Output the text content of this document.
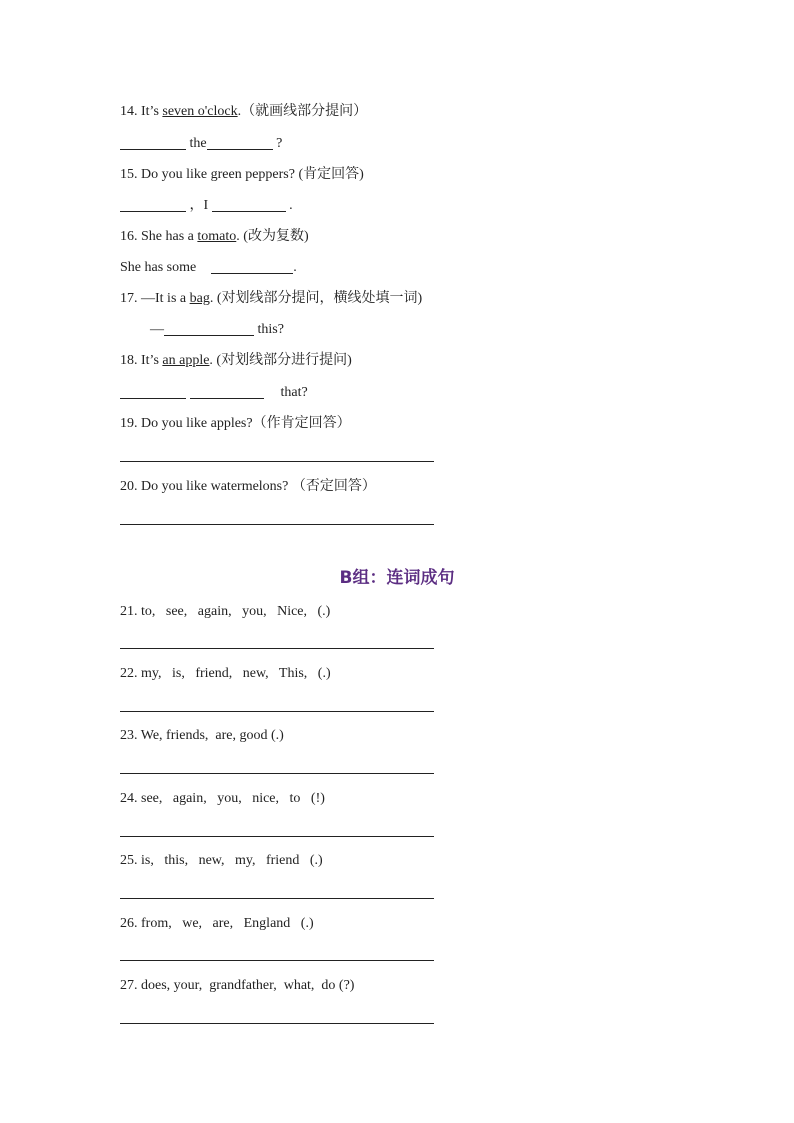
14. It’s seven o'clock.（就画线部分提问）
the	?
15. Do you like green peppers? (肯定回答)
，I	.
16. She has a tomato. (改为复数)
She has some	.
17. —It is a bag. (对划线部分提问，横线处填一词)
—	this?
18. It’s an apple. (对划线部分进行提问)
that?
19. Do you like apples?（作肯定回答）
20. Do you like watermelons? （否定回答）
B组：连词成句
21. to,   see,   again,   you,   Nice,   (.)
22. my,   is,   friend,   new,   This,   (.)
23. We, friends,  are, good (.)
24. see,   again,   you,   nice,   to   (!)
25. is,   this,   new,   my,   friend   (.)
26. from,   we,   are,   England   (.)
27. does, your,  grandfather,  what,  do (?)
